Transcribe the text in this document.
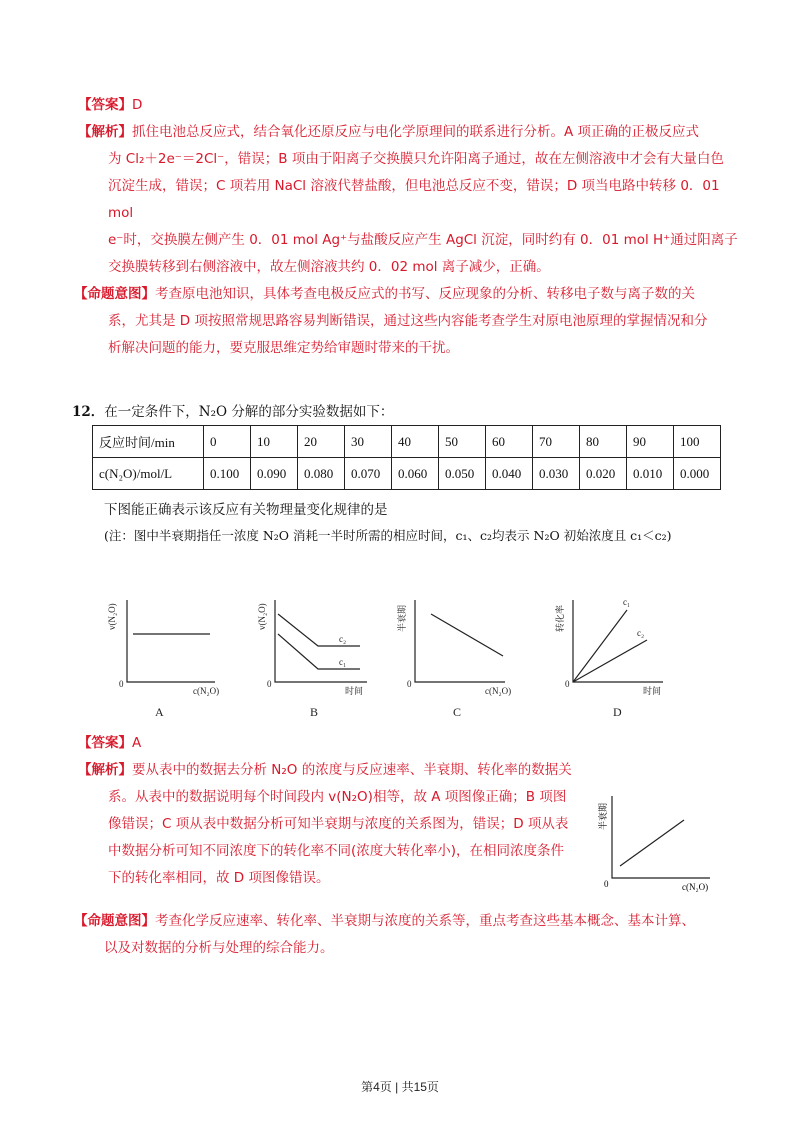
【答案】D
【解析】抓住电池总反应式，结合氧化还原反应与电化学原理间的联系进行分析。A 项正确的正极反应式
为 Cl₂＋2e⁻＝2Cl⁻，错误；B 项由于阳离子交换膜只允许阳离子通过，故在左侧溶液中才会有大量白色
沉淀生成，错误；C 项若用 NaCl 溶液代替盐酸，但电池总反应不变，错误；D 项当电路中转移 0．01 mol
e⁻时，交换膜左侧产生 0．01 mol Ag⁺与盐酸反应产生 AgCl 沉淀，同时约有 0．01 mol H⁺通过阳离子
交换膜转移到右侧溶液中，故左侧溶液共约 0．02 mol 离子减少，正确。
【命题意图】考查原电池知识，具体考查电极反应式的书写、反应现象的分析、转移电子数与离子数的关
系，尤其是 D 项按照常规思路容易判断错误，通过这些内容能考查学生对原电池原理的掌握情况和分
析解决问题的能力，要克服思维定势给审题时带来的干扰。
12．在一定条件下，N₂O 分解的部分实验数据如下：
反应时间/min	0	10	20	30	40	50	60	70	80	90	100
c(N₂O)/mol/L	0.100	0.090	0.080	0.070	0.060	0.050	0.040	0.030	0.020	0.010	0.000
下图能正确表示该反应有关物理量变化规律的是
(注：图中半衰期指任一浓度 N₂O 消耗一半时所需的相应时间，c₁、c₂均表示 N₂O 初始浓度且 c₁＜c₂)
v(N₂O)
0
c(N₂O)
v(N₂O)
0
时间
c₂
c₁
半衰期
0
c(N₂O)
转化率
0
时间
c₁
c₂
A	B	C	D
【答案】A
【解析】要从表中的数据去分析 N₂O 的浓度与反应速率、半衰期、转化率的数据关
系。从表中的数据说明每个时间段内 v(N₂O)相等，故 A 项图像正确；B 项图
像错误；C 项从表中数据分析可知半衰期与浓度的关系图为，错误；D 项从表
中数据分析可知不同浓度下的转化率不同(浓度大转化率小)，在相同浓度条件
下的转化率相同，故 D 项图像错误。
半衰期
0	c(N₂O)
【命题意图】考查化学反应速率、转化率、半衰期与浓度的关系等，重点考查这些基本概念、基本计算、
以及对数据的分析与处理的综合能力。
第4页 | 共15页
